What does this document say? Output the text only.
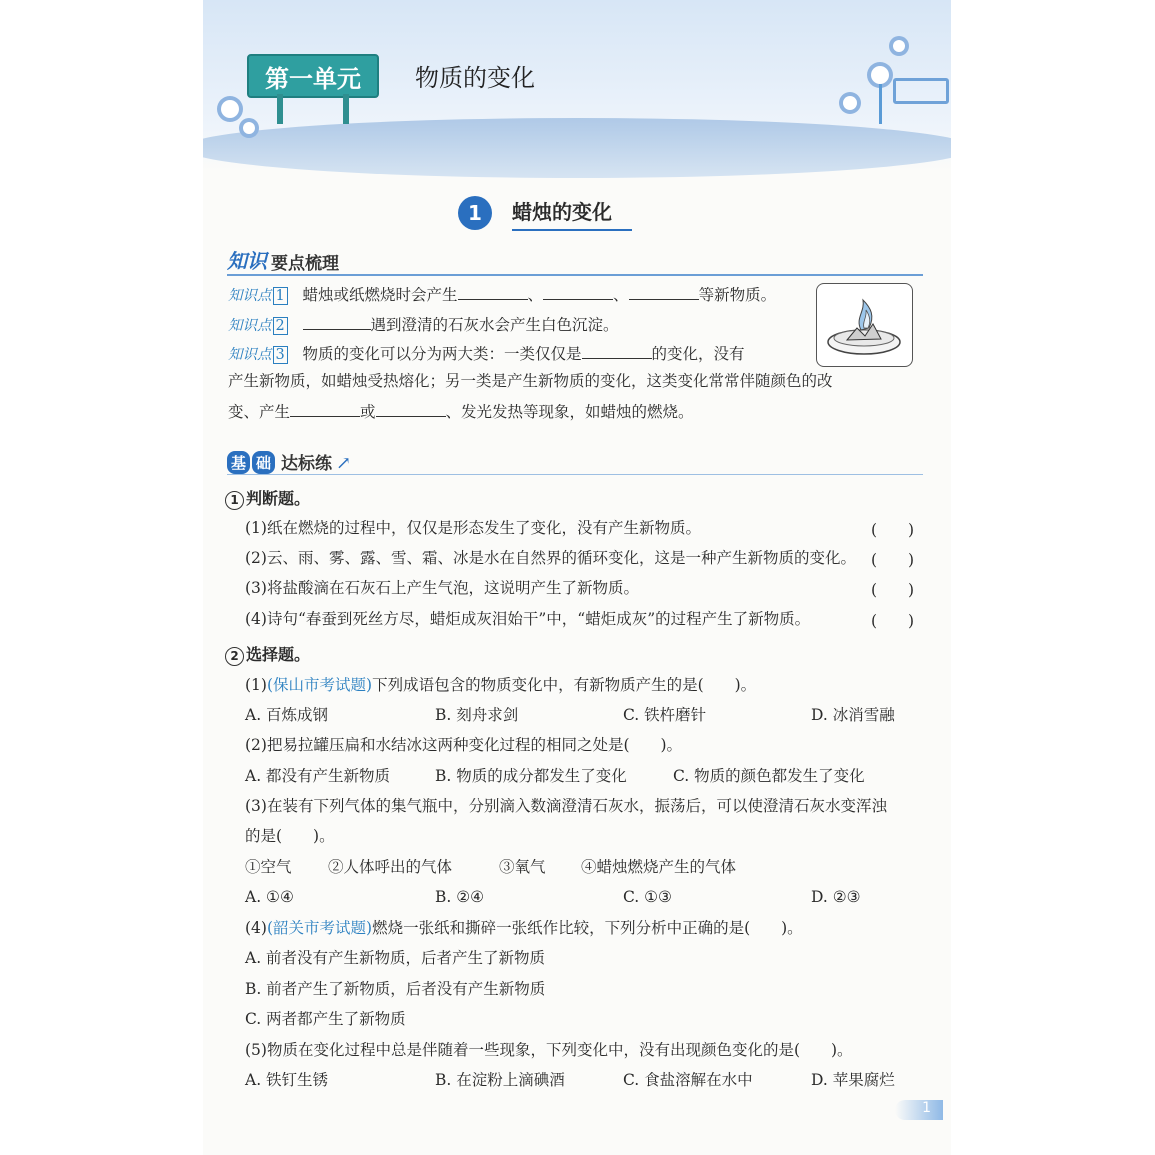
第一单元	物质的变化
1	蜡烛的变化
知识 要点梳理
知识点 1 蜡烛或纸燃烧时会产生	、	、	等新物质。
知识点 2	遇到澄清的石灰水会产生白色沉淀。
知识点 3 物质的变化可以分为两大类：一类仅仅是	的变化，没有
产生新物质，如蜡烛受热熔化；另一类是产生新物质的变化，这类变化常常伴随颜色的改
变、产生	或	、发光发热等现象，如蜡烛的燃烧。
基 础 达标练 ↗
1 判断题。
(1)纸在燃烧的过程中，仅仅是形态发生了变化，没有产生新物质。	(　　)
(2)云、雨、雾、露、雪、霜、冰是水在自然界的循环变化，这是一种产生新物质的变化。 (　　)
(3)将盐酸滴在石灰石上产生气泡，这说明产生了新物质。	(　　)
(4)诗句“春蚕到死丝方尽，蜡炬成灰泪始干”中，“蜡炬成灰”的过程产生了新物质。	(　　)
2 选择题。
(1)(保山市考试题)下列成语包含的物质变化中，有新物质产生的是(　　)。
A. 百炼成钢	B. 刻舟求剑	C. 铁杵磨针	D. 冰消雪融
(2)把易拉罐压扁和水结冰这两种变化过程的相同之处是(　　)。
A. 都没有产生新物质	B. 物质的成分都发生了变化	C. 物质的颜色都发生了变化
(3)在装有下列气体的集气瓶中，分别滴入数滴澄清石灰水，振荡后，可以使澄清石灰水变浑浊
的是(　　)。
①空气 ②人体呼出的气体	③氧气 ④蜡烛燃烧产生的气体
A. ①④	B. ②④	C. ①③	D. ②③
(4)(韶关市考试题)燃烧一张纸和撕碎一张纸作比较，下列分析中正确的是(　　)。
A. 前者没有产生新物质，后者产生了新物质
B. 前者产生了新物质，后者没有产生新物质
C. 两者都产生了新物质
(5)物质在变化过程中总是伴随着一些现象，下列变化中，没有出现颜色变化的是(　　)。
A. 铁钉生锈	B. 在淀粉上滴碘酒	C. 食盐溶解在水中	D. 苹果腐烂
1
